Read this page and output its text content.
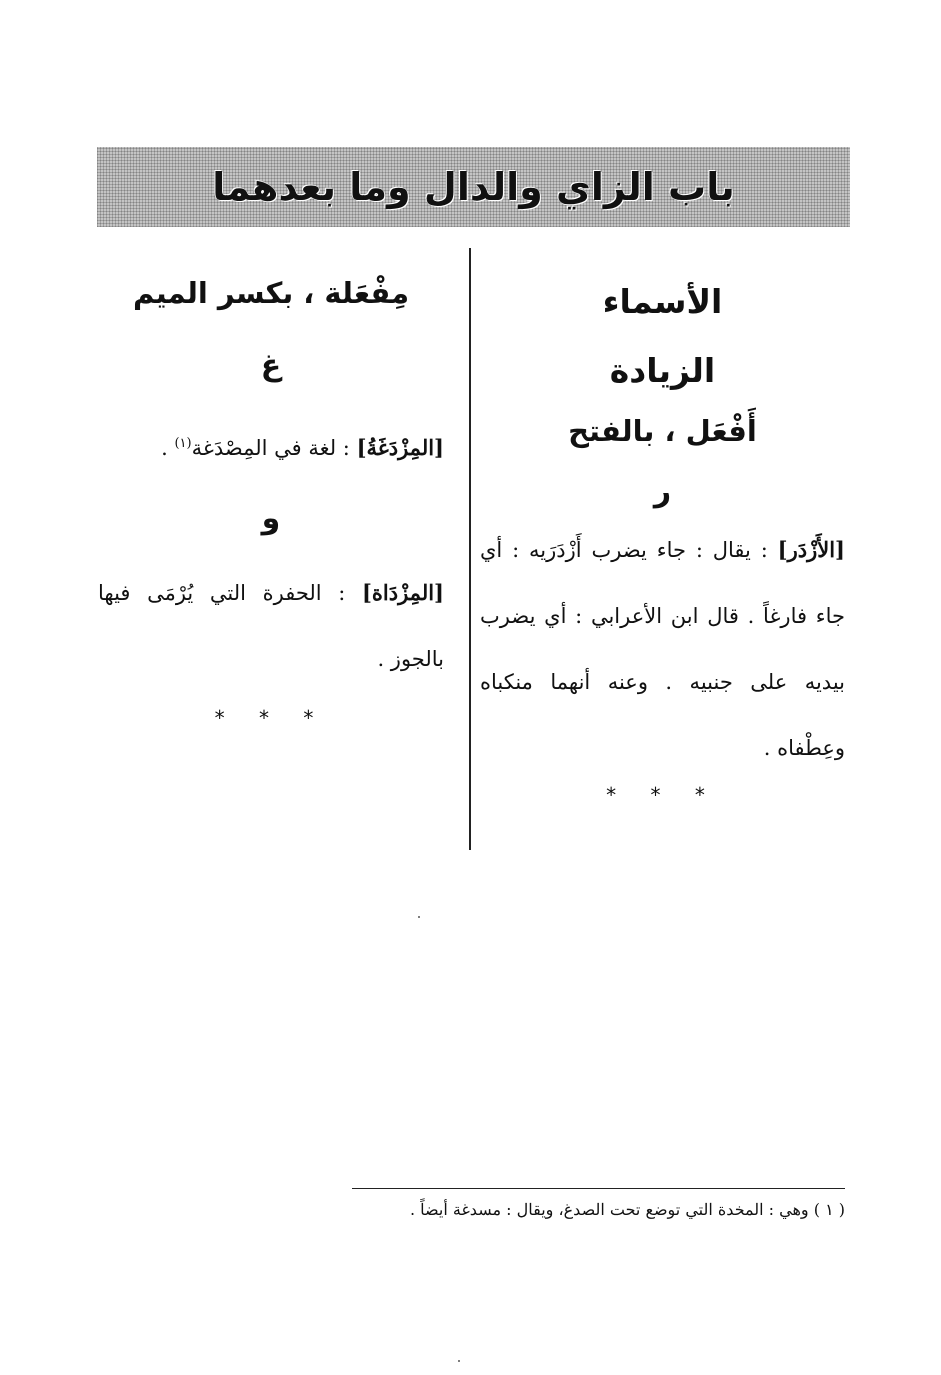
باب الزاي والدال وما بعدهما
الأسماء
الزيادة
أَفْعَل ، بالفتح
ر
[الأَزْدَر] : يقال : جاء يضرب أَزْدَرَيه : أي جاء فارغاً . قال ابن الأعرابي : أي يضرب بيديه على جنبيه . وعنه أنهما منكباه وعِطْفاه .
* * *
مِفْعَلة ، بكسر الميم
غ
[المِزْدَغَةُ] : لغة في المِصْدَغة$^{(١)}$ .
و
[المِزْدَاة] : الحفرة التي يُرْمَى فيها بالجوز .
* * *
( ١ ) وهي : المخدة التي توضع تحت الصدغ، ويقال : مسدغة أيضاً .
